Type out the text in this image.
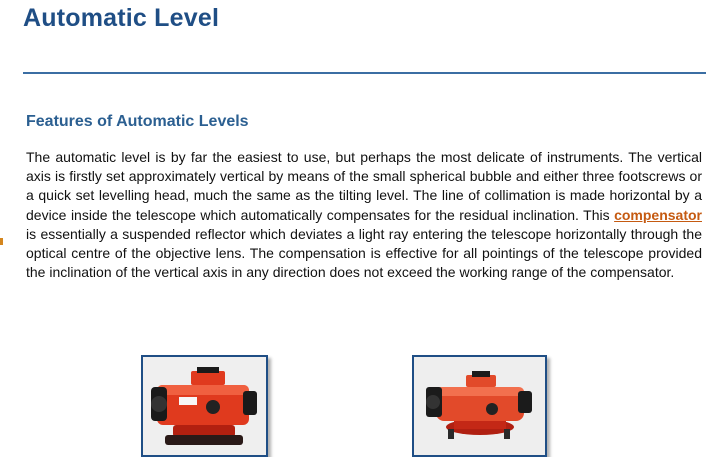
Automatic Level
Features of Automatic Levels

The automatic level is by far the easiest to use, but perhaps the most delicate of instruments. The vertical axis is firstly set approximately vertical by means of the small spherical bubble and either three footscrews or a quick set levelling head, much the same as the tilting level. The line of collimation is made horizontal by a device inside the telescope which automatically compensates for the residual inclination. This compensator is essentially a suspended reflector which deviates a light ray entering the telescope horizontally through the optical centre of the objective lens. The compensation is effective for all pointings of the telescope provided the inclination of the vertical axis in any direction does not exceed the working range of the compensator.
